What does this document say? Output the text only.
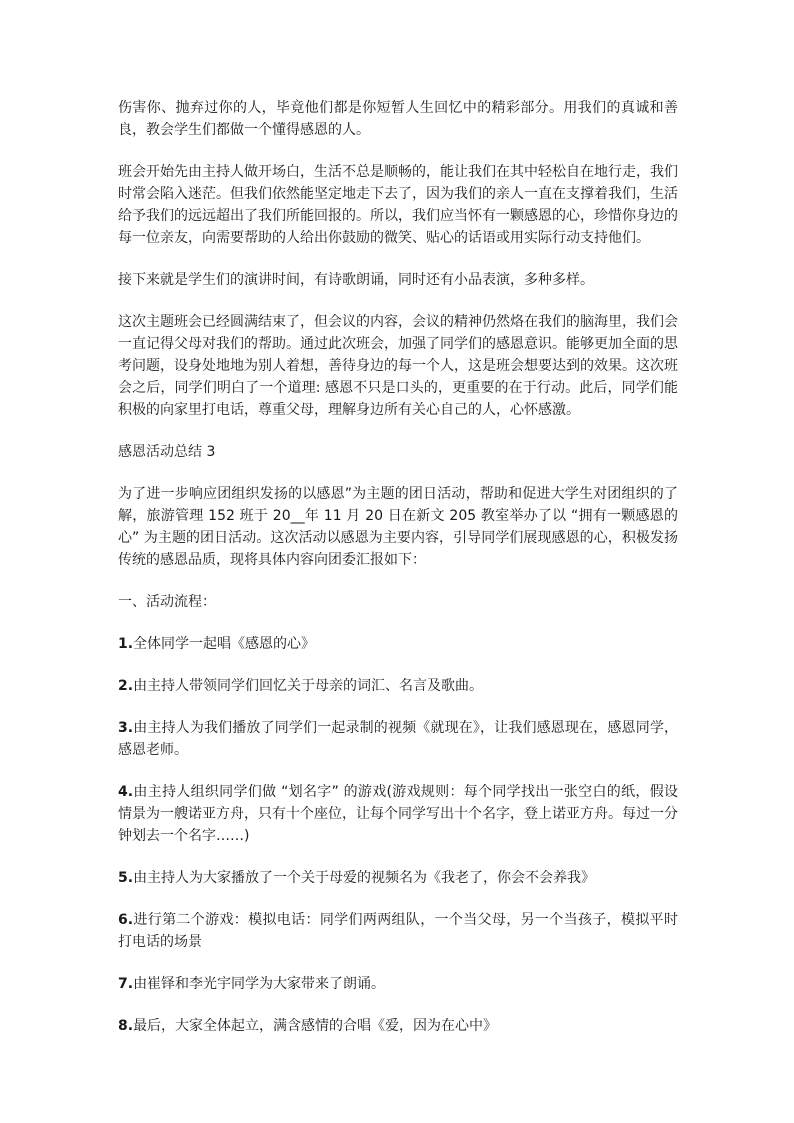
伤害你、抛弃过你的人，毕竟他们都是你短暂人生回忆中的精彩部分。用我们的真诚和善良，教会学生们都做一个懂得感恩的人。

班会开始先由主持人做开场白，生活不总是顺畅的，能让我们在其中轻松自在地行走，我们时常会陷入迷茫。但我们依然能坚定地走下去了，因为我们的亲人一直在支撑着我们，生活给予我们的远远超出了我们所能回报的。所以，我们应当怀有一颗感恩的心，珍惜你身边的每一位亲友，向需要帮助的人给出你鼓励的微笑、贴心的话语或用实际行动支持他们。

接下来就是学生们的演讲时间，有诗歌朗诵，同时还有小品表演，多种多样。

这次主题班会已经圆满结束了，但会议的内容，会议的精神仍然烙在我们的脑海里，我们会一直记得父母对我们的帮助。通过此次班会，加强了同学们的感恩意识。能够更加全面的思考问题，设身处地地为别人着想，善待身边的每一个人，这是班会想要达到的效果。这次班会之后，同学们明白了一个道理: 感恩不只是口头的，更重要的在于行动。此后，同学们能积极的向家里打电话，尊重父母，理解身边所有关心自己的人，心怀感激。

感恩活动总结 3

为了进一步响应团组织发扬的以感恩”为主题的团日活动，帮助和促进大学生对团组织的了解，旅游管理 152 班于 20__年 11 月 20 日在新文 205 教室举办了以 “拥有一颗感恩的心” 为主题的团日活动。这次活动以感恩为主要内容，引导同学们展现感恩的心，积极发扬传统的感恩品质，现将具体内容向团委汇报如下：

一、活动流程：

1.全体同学一起唱《感恩的心》

2.由主持人带领同学们回忆关于母亲的词汇、名言及歌曲。

3.由主持人为我们播放了同学们一起录制的视频《就现在》，让我们感恩现在，感恩同学，感恩老师。

4.由主持人组织同学们做 “划名字” 的游戏(游戏规则：每个同学找出一张空白的纸，假设情景为一艘诺亚方舟，只有十个座位，让每个同学写出十个名字，登上诺亚方舟。每过一分钟划去一个名字……)

5.由主持人为大家播放了一个关于母爱的视频名为《我老了，你会不会养我》

6.进行第二个游戏：模拟电话：同学们两两组队，一个当父母，另一个当孩子，模拟平时打电话的场景

7.由崔铎和李光宇同学为大家带来了朗诵。

8.最后，大家全体起立，满含感情的合唱《爱，因为在心中》
